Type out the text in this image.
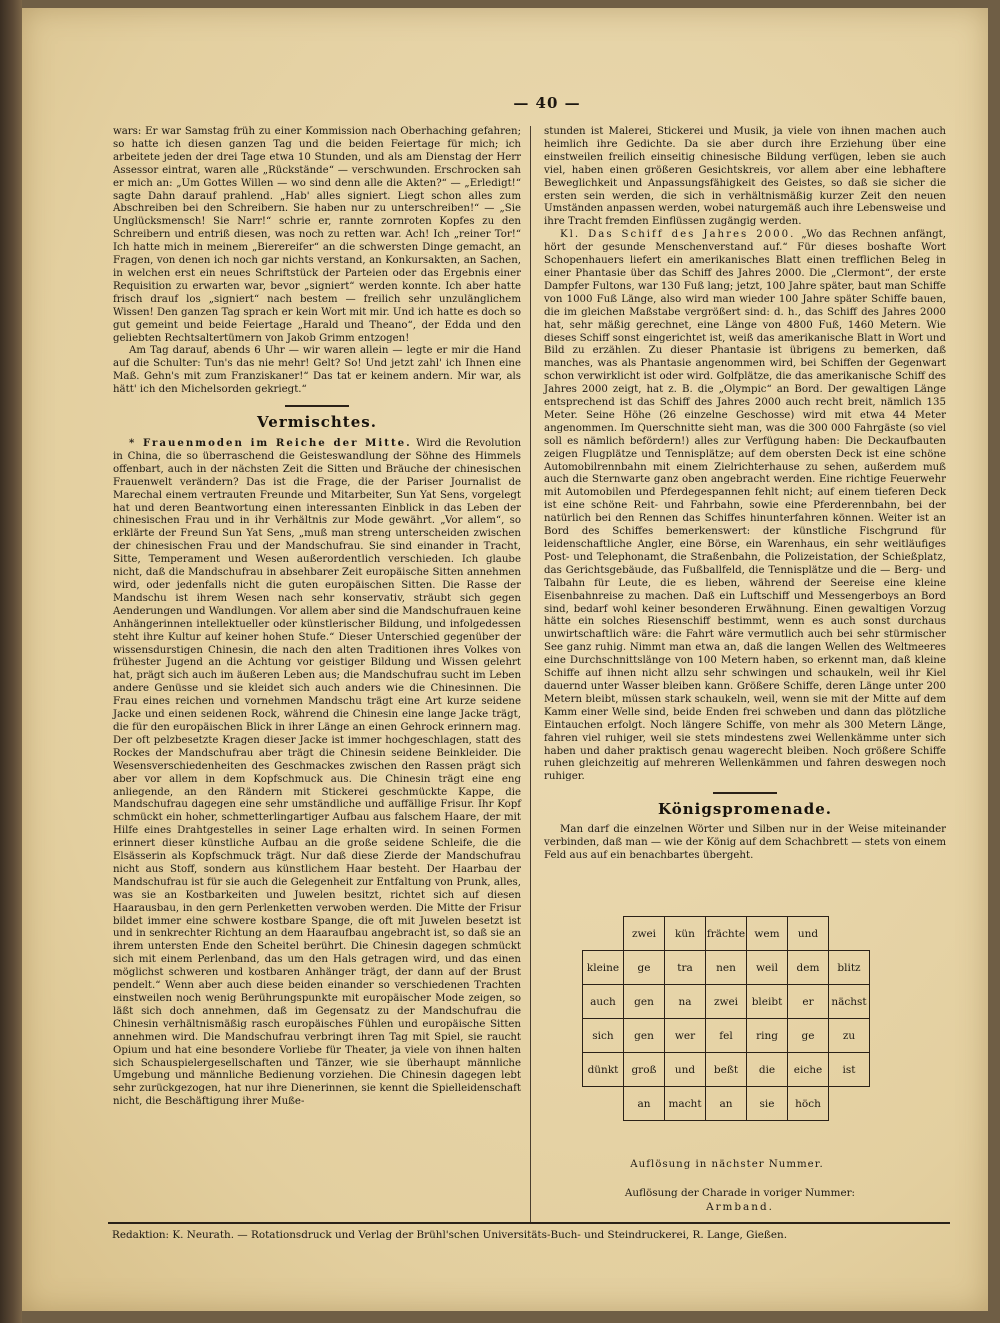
— 40 —

wars: Er war Samstag früh zu einer Kommission nach Oberhaching gefahren; so hatte ich diesen ganzen Tag und die beiden Feiertage für mich; ich arbeitete jeden der drei Tage etwa 10 Stunden, und als am Dienstag der Herr Assessor eintrat, waren alle „Rückstände“ — verschwunden. Erschrocken sah er mich an: „Um Gottes Willen — wo sind denn alle die Akten?“ — „Erledigt!“ sagte Dahn darauf prahlend. „Hab' alles signiert. Liegt schon alles zum Abschreiben bei den Schreibern. Sie haben nur zu unterschreiben!“ — „Sie Unglücksmensch! Sie Narr!“ schrie er, rannte zornroten Kopfes zu den Schreibern und entriß diesen, was noch zu retten war. Ach! Ich „reiner Tor!“ Ich hatte mich in meinem „Bierereifer“ an die schwersten Dinge gemacht, an Fragen, von denen ich noch gar nichts verstand, an Konkursakten, an Sachen, in welchen erst ein neues Schriftstück der Parteien oder das Ergebnis einer Requisition zu erwarten war, bevor „signiert“ werden konnte. Ich aber hatte frisch drauf los „signiert“ nach bestem — freilich sehr unzulänglichem Wissen! Den ganzen Tag sprach er kein Wort mit mir. Und ich hatte es doch so gut gemeint und beide Feiertage „Harald und Theano“, der Edda und den geliebten Rechtsaltertümern von Jakob Grimm entzogen!

Am Tag darauf, abends 6 Uhr — wir waren allein — legte er mir die Hand auf die Schulter: Tun's das nie mehr! Gelt? So! Und jetzt zahl' ich Ihnen eine Maß. Gehn's mit zum Franziskaner!“ Das tat er keinem andern. Mir war, als hätt' ich den Michelsorden gekriegt.“

Vermischtes.

* Frauenmoden im Reiche der Mitte. Wird die Revolution in China, die so überraschend die Geisteswandlung der Söhne des Himmels offenbart, auch in der nächsten Zeit die Sitten und Bräuche der chinesischen Frauenwelt verändern? Das ist die Frage, die der Pariser Journalist de Marechal einem vertrauten Freunde und Mitarbeiter, Sun Yat Sens, vorgelegt hat und deren Beantwortung einen interessanten Einblick in das Leben der chinesischen Frau und in ihr Verhältnis zur Mode gewährt. „Vor allem“, so erklärte der Freund Sun Yat Sens, „muß man streng unterscheiden zwischen der chinesischen Frau und der Mandschufrau. Sie sind einander in Tracht, Sitte, Temperament und Wesen außerordentlich verschieden. Ich glaube nicht, daß die Mandschufrau in absehbarer Zeit europäische Sitten annehmen wird, oder jedenfalls nicht die guten europäischen Sitten. Die Rasse der Mandschu ist ihrem Wesen nach sehr konservativ, sträubt sich gegen Aenderungen und Wandlungen. Vor allem aber sind die Mandschufrauen keine Anhängerinnen intellektueller oder künstlerischer Bildung, und infolgedessen steht ihre Kultur auf keiner hohen Stufe.“ Dieser Unterschied gegenüber der wissensdurstigen Chinesin, die nach den alten Traditionen ihres Volkes von frühester Jugend an die Achtung vor geistiger Bildung und Wissen gelehrt hat, prägt sich auch im äußeren Leben aus; die Mandschufrau sucht im Leben andere Genüsse und sie kleidet sich auch anders wie die Chinesinnen. Die Frau eines reichen und vornehmen Mandschu trägt eine Art kurze seidene Jacke und einen seidenen Rock, während die Chinesin eine lange Jacke trägt, die für den europäischen Blick in ihrer Länge an einen Gehrock erinnern mag. Der oft pelzbesetzte Kragen dieser Jacke ist immer hochgeschlagen, statt des Rockes der Mandschufrau aber trägt die Chinesin seidene Beinkleider. Die Wesensverschiedenheiten des Geschmackes zwischen den Rassen prägt sich aber vor allem in dem Kopfschmuck aus. Die Chinesin trägt eine eng anliegende, an den Rändern mit Stickerei geschmückte Kappe, die Mandschufrau dagegen eine sehr umständliche und auffällige Frisur. Ihr Kopf schmückt ein hoher, schmetterlingartiger Aufbau aus falschem Haare, der mit Hilfe eines Drahtgestelles in seiner Lage erhalten wird. In seinen Formen erinnert dieser künstliche Aufbau an die große seidene Schleife, die die Elsässerin als Kopfschmuck trägt. Nur daß diese Zierde der Mandschufrau nicht aus Stoff, sondern aus künstlichem Haar besteht. Der Haarbau der Mandschufrau ist für sie auch die Gelegenheit zur Entfaltung von Prunk, alles, was sie an Kostbarkeiten und Juwelen besitzt, richtet sich auf diesen Haarausbau, in den gern Perlenketten verwoben werden. Die Mitte der Frisur bildet immer eine schwere kostbare Spange, die oft mit Juwelen besetzt ist und in senkrechter Richtung an dem Haaraufbau angebracht ist, so daß sie an ihrem untersten Ende den Scheitel berührt. Die Chinesin dagegen schmückt sich mit einem Perlenband, das um den Hals getragen wird, und das einen möglichst schweren und kostbaren Anhänger trägt, der dann auf der Brust pendelt.“ Wenn aber auch diese beiden einander so verschiedenen Trachten einstweilen noch wenig Berührungspunkte mit europäischer Mode zeigen, so läßt sich doch annehmen, daß im Gegensatz zu der Mandschufrau die Chinesin verhältnismäßig rasch europäisches Fühlen und europäische Sitten annehmen wird. Die Mandschufrau verbringt ihren Tag mit Spiel, sie raucht Opium und hat eine besondere Vorliebe für Theater, ja viele von ihnen halten sich Schauspielergesellschaften und Tänzer, wie sie überhaupt männliche Umgebung und männliche Bedienung vorziehen. Die Chinesin dagegen lebt sehr zurückgezogen, hat nur ihre Dienerinnen, sie kennt die Spielleidenschaft nicht, die Beschäftigung ihrer Muße-

stunden ist Malerei, Stickerei und Musik, ja viele von ihnen machen auch heimlich ihre Gedichte. Da sie aber durch ihre Erziehung über eine einstweilen freilich einseitig chinesische Bildung verfügen, leben sie auch viel, haben einen größeren Gesichtskreis, vor allem aber eine lebhaftere Beweglichkeit und Anpassungsfähigkeit des Geistes, so daß sie sicher die ersten sein werden, die sich in verhältnismäßig kurzer Zeit den neuen Umständen anpassen werden, wobei naturgemäß auch ihre Lebensweise und ihre Tracht fremden Einflüssen zugängig werden.

Kl. Das Schiff des Jahres 2000. „Wo das Rechnen anfängt, hört der gesunde Menschenverstand auf.“ Für dieses boshafte Wort Schopenhauers liefert ein amerikanisches Blatt einen trefflichen Beleg in einer Phantasie über das Schiff des Jahres 2000. Die „Clermont“, der erste Dampfer Fultons, war 130 Fuß lang; jetzt, 100 Jahre später, baut man Schiffe von 1000 Fuß Länge, also wird man wieder 100 Jahre später Schiffe bauen, die im gleichen Maßstabe vergrößert sind: d. h., das Schiff des Jahres 2000 hat, sehr mäßig gerechnet, eine Länge von 4800 Fuß, 1460 Metern. Wie dieses Schiff sonst eingerichtet ist, weiß das amerikanische Blatt in Wort und Bild zu erzählen. Zu dieser Phantasie ist übrigens zu bemerken, daß manches, was als Phantasie angenommen wird, bei Schiffen der Gegenwart schon verwirklicht ist oder wird. Golfplätze, die das amerikanische Schiff des Jahres 2000 zeigt, hat z. B. die „Olympic“ an Bord. Der gewaltigen Länge entsprechend ist das Schiff des Jahres 2000 auch recht breit, nämlich 135 Meter. Seine Höhe (26 einzelne Geschosse) wird mit etwa 44 Meter angenommen. Im Querschnitte sieht man, was die 300 000 Fahrgäste (so viel soll es nämlich befördern!) alles zur Verfügung haben: Die Deckaufbauten zeigen Flugplätze und Tennisplätze; auf dem obersten Deck ist eine schöne Automobilrennbahn mit einem Zielrichterhause zu sehen, außerdem muß auch die Sternwarte ganz oben angebracht werden. Eine richtige Feuerwehr mit Automobilen und Pferdegespannen fehlt nicht; auf einem tieferen Deck ist eine schöne Reit- und Fahrbahn, sowie eine Pferderennbahn, bei der natürlich bei den Rennen das Schiffes hinunterfahren können. Weiter ist an Bord des Schiffes bemerkenswert: der künstliche Fischgrund für leidenschaftliche Angler, eine Börse, ein Warenhaus, ein sehr weitläufiges Post- und Telephonamt, die Straßenbahn, die Polizeistation, der Schießplatz, das Gerichtsgebäude, das Fußballfeld, die Tennisplätze und die — Berg- und Talbahn für Leute, die es lieben, während der Seereise eine kleine Eisenbahnreise zu machen. Daß ein Luftschiff und Messengerboys an Bord sind, bedarf wohl keiner besonderen Erwähnung. Einen gewaltigen Vorzug hätte ein solches Riesenschiff bestimmt, wenn es auch sonst durchaus unwirtschaftlich wäre: die Fahrt wäre vermutlich auch bei sehr stürmischer See ganz ruhig. Nimmt man etwa an, daß die langen Wellen des Weltmeeres eine Durchschnittslänge von 100 Metern haben, so erkennt man, daß kleine Schiffe auf ihnen nicht allzu sehr schwingen und schaukeln, weil ihr Kiel dauernd unter Wasser bleiben kann. Größere Schiffe, deren Länge unter 200 Metern bleibt, müssen stark schaukeln, weil, wenn sie mit der Mitte auf dem Kamm einer Welle sind, beide Enden frei schweben und dann das plötzliche Eintauchen erfolgt. Noch längere Schiffe, von mehr als 300 Metern Länge, fahren viel ruhiger, weil sie stets mindestens zwei Wellenkämme unter sich haben und daher praktisch genau wagerecht bleiben. Noch größere Schiffe ruhen gleichzeitig auf mehreren Wellenkämmen und fahren deswegen noch ruhiger.

Königspromenade.

Man darf die einzelnen Wörter und Silben nur in der Weise miteinander verbinden, daß man — wie der König auf dem Schachbrett — stets von einem Feld aus auf ein benachbartes übergeht.

	zwei	kün	frächte	wem	und	
kleine	ge	tra	nen	weil	dem	blitz
auch	gen	na	zwei	bleibt	er	nächst
sich	gen	wer	fel	ring	ge	zu
dünkt	groß	und	beßt	die	eiche	ist
	an	macht	an	sie	höch	
Auflösung in nächster Nummer.
Auflösung der Charade in voriger Nummer:
Armband.
Redaktion: K. Neurath. — Rotationsdruck und Verlag der Brühl'schen Universitäts-Buch- und Steindruckerei, R. Lange, Gießen.
